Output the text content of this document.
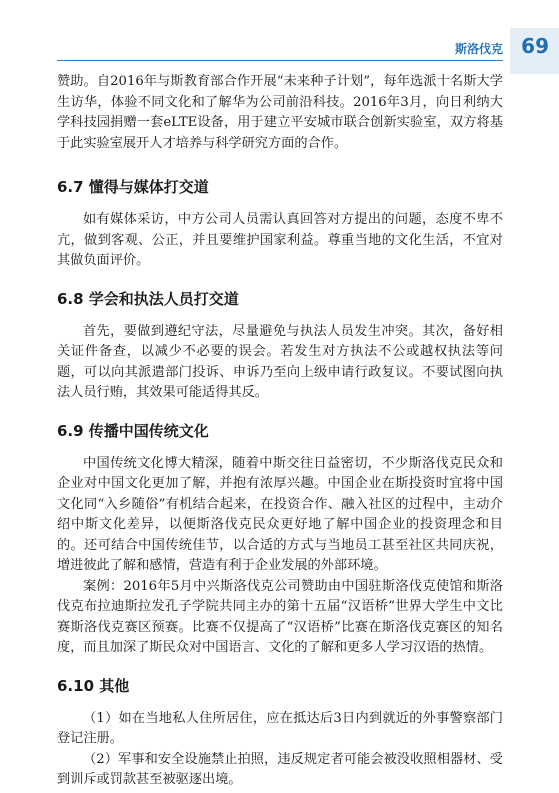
斯洛伐克 69

赞助。自2016年与斯教育部合作开展“未来种子计划”，每年选派十名斯大学生访华，体验不同文化和了解华为公司前沿科技。2016年3月，向日利纳大学科技园捐赠一套eLTE设备，用于建立平安城市联合创新实验室，双方将基于此实验室展开人才培养与科学研究方面的合作。

6.7 懂得与媒体打交道

如有媒体采访，中方公司人员需认真回答对方提出的问题，态度不卑不亢，做到客观、公正，并且要维护国家利益。尊重当地的文化生活，不宜对其做负面评价。

6.8 学会和执法人员打交道

首先，要做到遵纪守法，尽量避免与执法人员发生冲突。其次，备好相关证件备查，以减少不必要的误会。若发生对方执法不公或越权执法等问题，可以向其派遣部门投诉、申诉乃至向上级申请行政复议。不要试图向执法人员行贿，其效果可能适得其反。

6.9 传播中国传统文化

中国传统文化博大精深，随着中斯交往日益密切，不少斯洛伐克民众和企业对中国文化更加了解，并抱有浓厚兴趣。中国企业在斯投资时宜将中国文化同“入乡随俗”有机结合起来，在投资合作、融入社区的过程中，主动介绍中斯文化差异，以便斯洛伐克民众更好地了解中国企业的投资理念和目的。还可结合中国传统佳节，以合适的方式与当地员工甚至社区共同庆祝，增进彼此了解和感情，营造有利于企业发展的外部环境。

案例：2016年5月中兴斯洛伐克公司赞助由中国驻斯洛伐克使馆和斯洛伐克布拉迪斯拉发孔子学院共同主办的第十五届“汉语桥”世界大学生中文比赛斯洛伐克赛区预赛。比赛不仅提高了“汉语桥”比赛在斯洛伐克赛区的知名度，而且加深了斯民众对中国语言、文化的了解和更多人学习汉语的热情。

6.10 其他

（1）如在当地私人住所居住，应在抵达后3日内到就近的外事警察部门登记注册。

（2）军事和安全设施禁止拍照，违反规定者可能会被没收照相器材、受到训斥或罚款甚至被驱逐出境。
